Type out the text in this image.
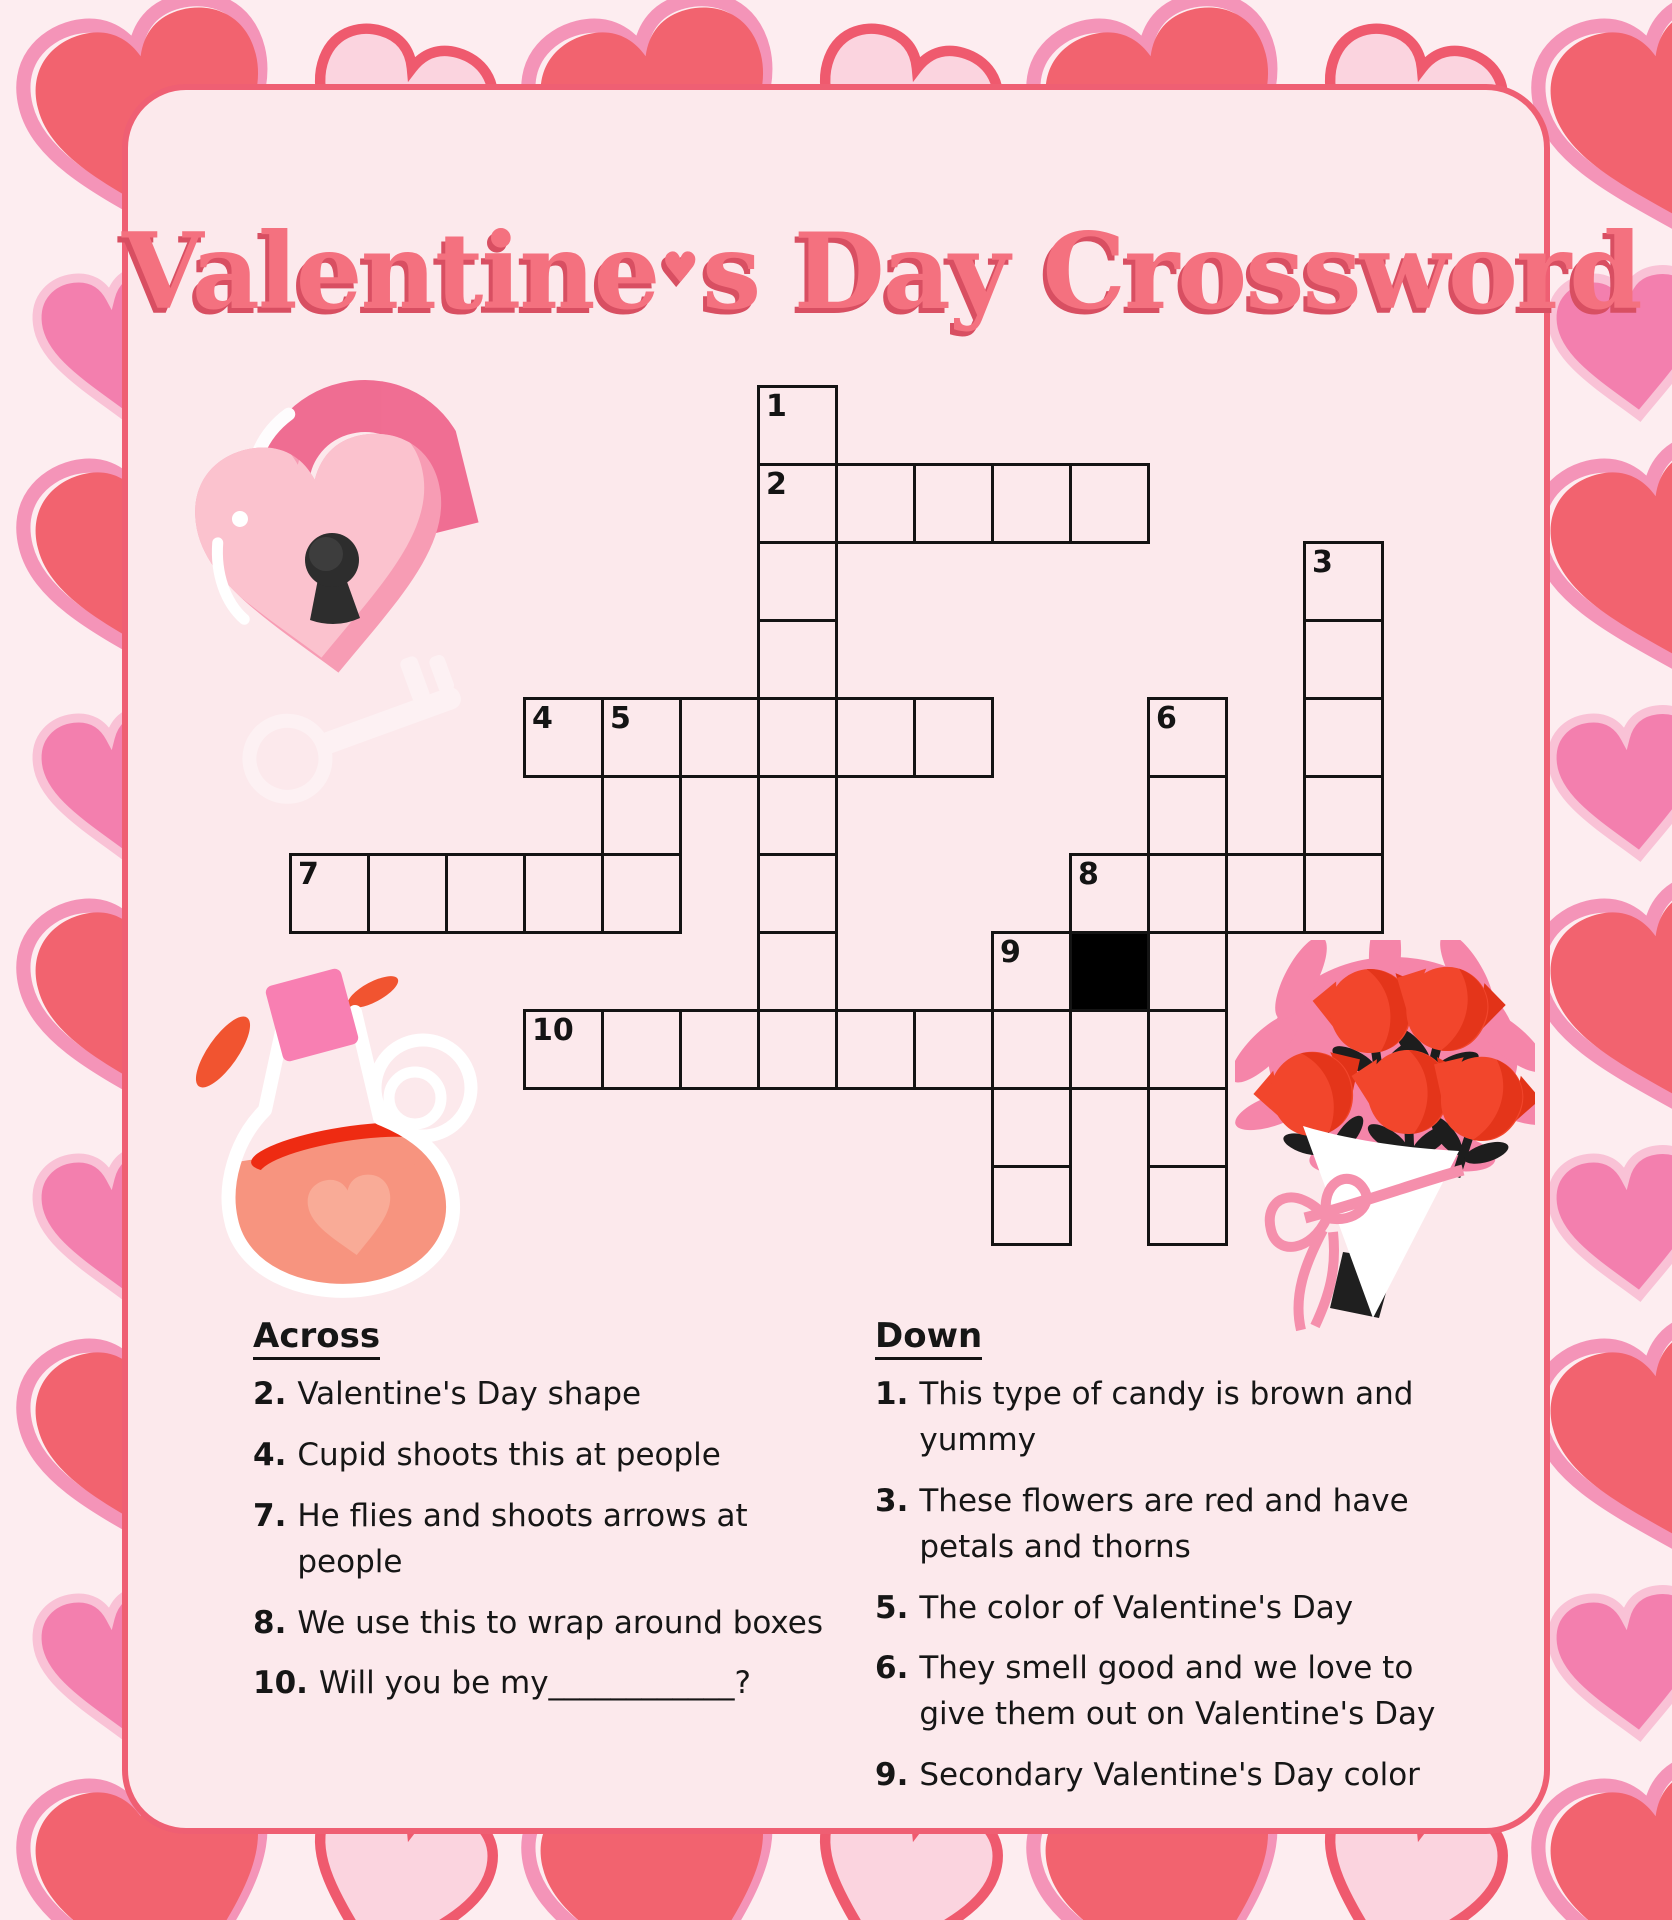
Valentine♥s Day Crossword
1
2
3
4 5	6
7	8
9
10
Across
2. Valentine's Day shape
4. Cupid shoots this at people
7. He flies and shoots arrows at people
8. We use this to wrap around boxes
10. Will you be my____________?
Down
1. This type of candy is brown and yummy
3. These flowers are red and have petals and thorns
5. The color of Valentine's Day
6. They smell good and we love to give them out on Valentine's Day
9. Secondary Valentine's Day color
